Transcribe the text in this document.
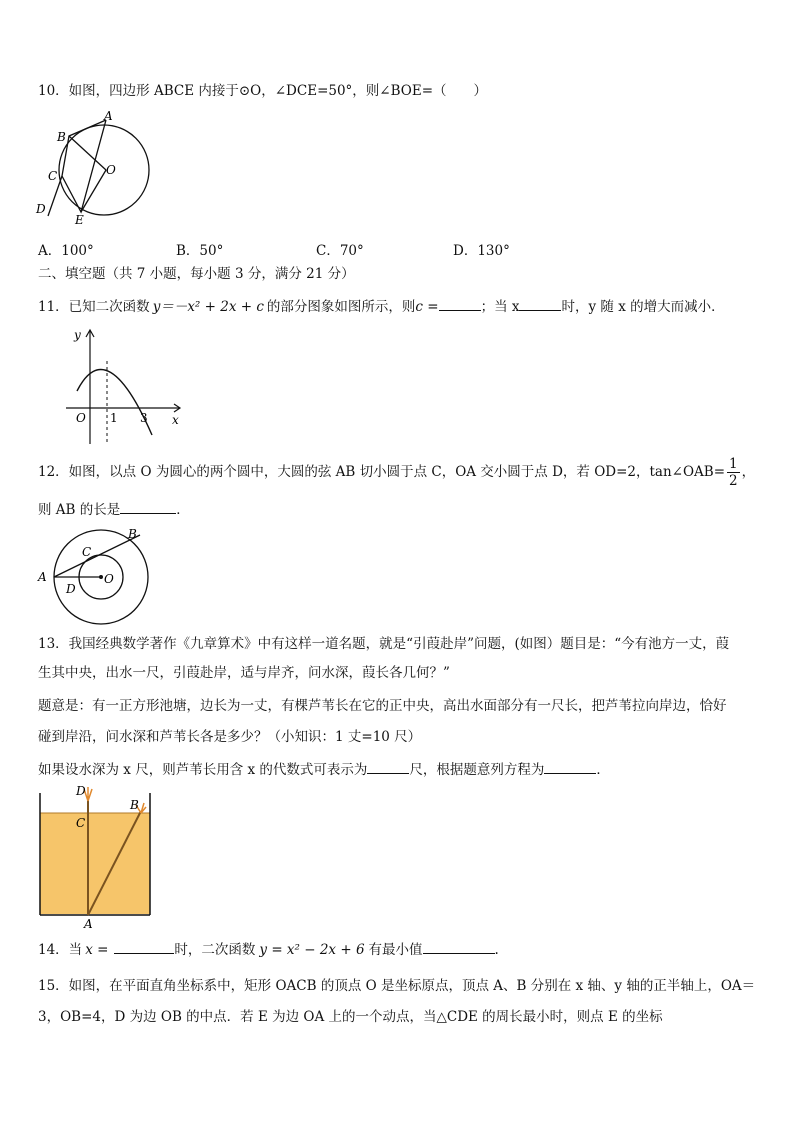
10．如图，四边形 ABCE 内接于⊙O，∠DCE=50°，则∠BOE=（　　）
A
B
O
C
D
E
A．100°	B．50°	C．70°	D．130°
二、填空题（共 7 小题，每小题 3 分，满分 21 分）
11．已知二次函数 y＝－x² + 2x + c 的部分图象如图所示，则c =	；当 x	时，y 随 x 的增大而减小．
y
O 1 3 x
12．如图，以点 O 为圆心的两个圆中，大圆的弦 AB 切小圆于点 C，OA 交小圆于点 D，若 OD=2，tan∠OAB= $\frac{1}{2}$ ，
则 AB 的长是	．
B
C
A	O
D
13．我国经典数学著作《九章算术》中有这样一道名题，就是“引葭赴岸”问题，(如图）题目是：“今有池方一丈，葭
生其中央，出水一尺，引葭赴岸，适与岸齐，问水深，葭长各几何？”
题意是：有一正方形池塘，边长为一丈，有棵芦苇长在它的正中央，高出水面部分有一尺长，把芦苇拉向岸边，恰好
碰到岸沿，问水深和芦苇长各是多少？（小知识：1 丈=10 尺）
如果设水深为 x 尺，则芦苇长用含 x 的代数式可表示为	尺，根据题意列方程为	．
D
B
C
A
14．当 x =	时，二次函数 y = x² − 2x + 6 有最小值	.
15．如图，在平面直角坐标系中，矩形 OACB 的顶点 O 是坐标原点，顶点 A、B 分别在 x 轴、y 轴的正半轴上，OA＝
3，OB=4，D 为边 OB 的中点．若 E 为边 OA 上的一个动点，当△CDE 的周长最小时，则点 E 的坐标
